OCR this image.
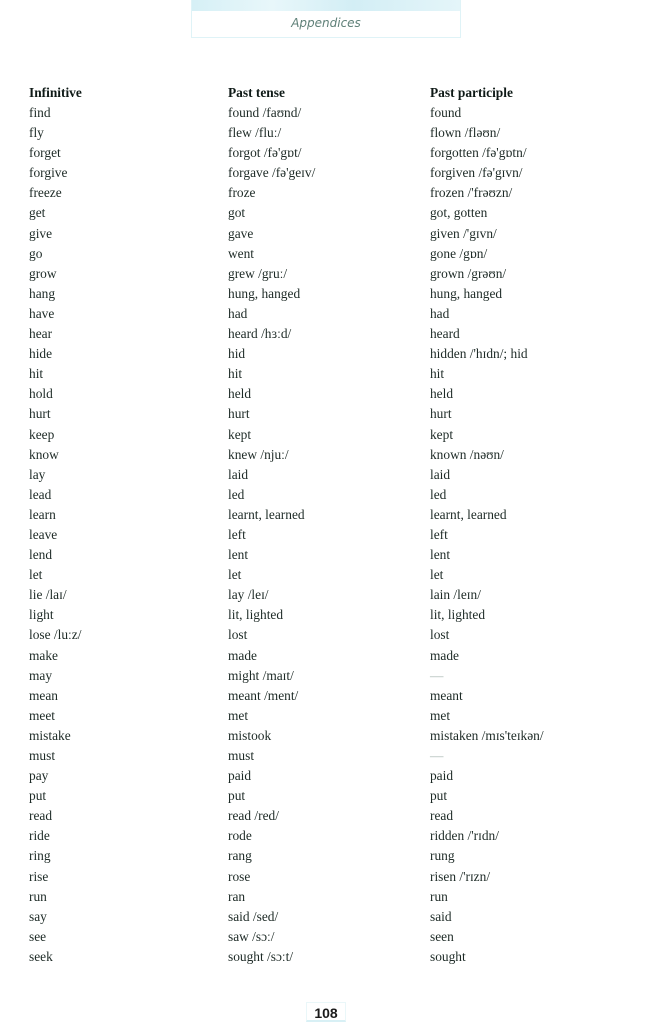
Appendices
Infinitive	Past tense	Past participle
find	found /faʊnd/	found
fly	flew /fluː/	flown /fləʊn/
forget	forgot /fə'gɒt/	forgotten /fə'gɒtn/
forgive	forgave /fə'geɪv/	forgiven /fə'gɪvn/
freeze	froze	frozen /'frəʊzn/
get	got	got, gotten
give	gave	given /'gɪvn/
go	went	gone /gɒn/
grow	grew /gruː/	grown /grəʊn/
hang	hung, hanged	hung, hanged
have	had	had
hear	heard /hɜːd/	heard
hide	hid	hidden /'hɪdn/; hid
hit	hit	hit
hold	held	held
hurt	hurt	hurt
keep	kept	kept
know	knew /njuː/	known /nəʊn/
lay	laid	laid
lead	led	led
learn	learnt, learned	learnt, learned
leave	left	left
lend	lent	lent
let	let	let
lie /laɪ/	lay /leɪ/	lain /leɪn/
light	lit, lighted	lit, lighted
lose /luːz/	lost	lost
make	made	made
may	might /maɪt/	—
mean	meant /ment/	meant
meet	met	met
mistake	mistook	mistaken /mɪs'teɪkən/
must	must	—
pay	paid	paid
put	put	put
read	read /red/	read
ride	rode	ridden /'rɪdn/
ring	rang	rung
rise	rose	risen /'rɪzn/
run	ran	run
say	said /sed/	said
see	saw /sɔː/	seen
seek	sought /sɔːt/	sought
108
